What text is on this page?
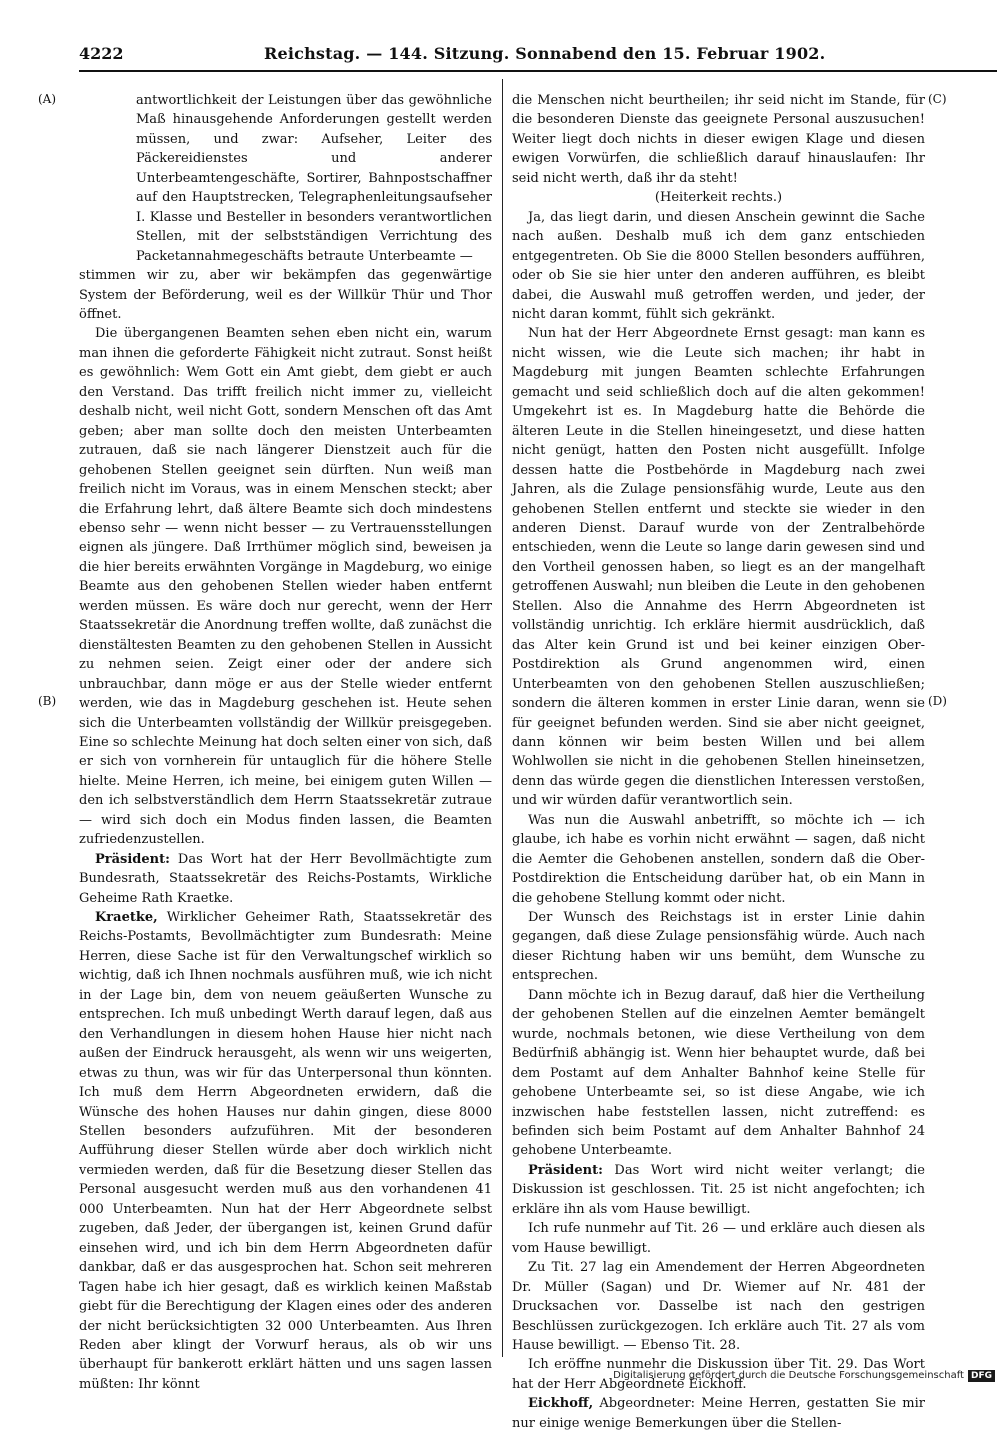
4222	Reichstag. — 144. Sitzung. Sonnabend den 15. Februar 1902.
(A)
(B)
(C)
(D)

antwortlichkeit der Leistungen über das gewöhnliche Maß hinausgehende Anforderungen gestellt werden müssen, und zwar: Aufseher, Leiter des Päckereidienstes und anderer Unterbeamtengeschäfte, Sortirer, Bahnpostschaffner auf den Hauptstrecken, Telegraphenleitungsaufseher I. Klasse und Besteller in besonders verantwortlichen Stellen, mit der selbstständigen Verrichtung des Packetannahmegeschäfts betraute Unterbeamte —

stimmen wir zu, aber wir bekämpfen das gegenwärtige System der Beförderung, weil es der Willkür Thür und Thor öffnet.

Die übergangenen Beamten sehen eben nicht ein, warum man ihnen die geforderte Fähigkeit nicht zutraut. Sonst heißt es gewöhnlich: Wem Gott ein Amt giebt, dem giebt er auch den Verstand. Das trifft freilich nicht immer zu, vielleicht deshalb nicht, weil nicht Gott, sondern Menschen oft das Amt geben; aber man sollte doch den meisten Unterbeamten zutrauen, daß sie nach längerer Dienstzeit auch für die gehobenen Stellen geeignet sein dürften. Nun weiß man freilich nicht im Voraus, was in einem Menschen steckt; aber die Erfahrung lehrt, daß ältere Beamte sich doch mindestens ebenso sehr — wenn nicht besser — zu Vertrauensstellungen eignen als jüngere. Daß Irrthümer möglich sind, beweisen ja die hier bereits erwähnten Vorgänge in Magdeburg, wo einige Beamte aus den gehobenen Stellen wieder haben entfernt werden müssen. Es wäre doch nur gerecht, wenn der Herr Staatssekretär die Anordnung treffen wollte, daß zunächst die dienstältesten Beamten zu den gehobenen Stellen in Aussicht zu nehmen seien. Zeigt einer oder der andere sich unbrauchbar, dann möge er aus der Stelle wieder entfernt werden, wie das in Magdeburg geschehen ist. Heute sehen sich die Unterbeamten vollständig der Willkür preisgegeben. Eine so schlechte Meinung hat doch selten einer von sich, daß er sich von vornherein für untauglich für die höhere Stelle hielte. Meine Herren, ich meine, bei einigem guten Willen — den ich selbstverständlich dem Herrn Staatssekretär zutraue — wird sich doch ein Modus finden lassen, die Beamten zufriedenzustellen.

Präsident: Das Wort hat der Herr Bevollmächtigte zum Bundesrath, Staatssekretär des Reichs-Postamts, Wirkliche Geheime Rath Kraetke.

Kraetke, Wirklicher Geheimer Rath, Staatssekretär des Reichs-Postamts, Bevollmächtigter zum Bundesrath: Meine Herren, diese Sache ist für den Verwaltungschef wirklich so wichtig, daß ich Ihnen nochmals ausführen muß, wie ich nicht in der Lage bin, dem von neuem geäußerten Wunsche zu entsprechen. Ich muß unbedingt Werth darauf legen, daß aus den Verhandlungen in diesem hohen Hause hier nicht nach außen der Eindruck herausgeht, als wenn wir uns weigerten, etwas zu thun, was wir für das Unterpersonal thun könnten. Ich muß dem Herrn Abgeordneten erwidern, daß die Wünsche des hohen Hauses nur dahin gingen, diese 8000 Stellen besonders aufzuführen. Mit der besonderen Aufführung dieser Stellen würde aber doch wirklich nicht vermieden werden, daß für die Besetzung dieser Stellen das Personal ausgesucht werden muß aus den vorhandenen 41 000 Unterbeamten. Nun hat der Herr Abgeordnete selbst zugeben, daß Jeder, der übergangen ist, keinen Grund dafür einsehen wird, und ich bin dem Herrn Abgeordneten dafür dankbar, daß er das ausgesprochen hat. Schon seit mehreren Tagen habe ich hier gesagt, daß es wirklich keinen Maßstab giebt für die Berechtigung der Klagen eines oder des anderen der nicht berücksichtigten 32 000 Unterbeamten. Aus Ihren Reden aber klingt der Vorwurf heraus, als ob wir uns überhaupt für bankerott erklärt hätten und uns sagen lassen müßten: Ihr könnt

die Menschen nicht beurtheilen; ihr seid nicht im Stande, für die besonderen Dienste das geeignete Personal auszusuchen! Weiter liegt doch nichts in dieser ewigen Klage und diesen ewigen Vorwürfen, die schließlich darauf hinauslaufen: Ihr seid nicht werth, daß ihr da steht!

(Heiterkeit rechts.)

Ja, das liegt darin, und diesen Anschein gewinnt die Sache nach außen. Deshalb muß ich dem ganz entschieden entgegentreten. Ob Sie die 8000 Stellen besonders aufführen, oder ob Sie sie hier unter den anderen aufführen, es bleibt dabei, die Auswahl muß getroffen werden, und jeder, der nicht daran kommt, fühlt sich gekränkt.

Nun hat der Herr Abgeordnete Ernst gesagt: man kann es nicht wissen, wie die Leute sich machen; ihr habt in Magdeburg mit jungen Beamten schlechte Erfahrungen gemacht und seid schließlich doch auf die alten gekommen! Umgekehrt ist es. In Magdeburg hatte die Behörde die älteren Leute in die Stellen hineingesetzt, und diese hatten nicht genügt, hatten den Posten nicht ausgefüllt. Infolge dessen hatte die Postbehörde in Magdeburg nach zwei Jahren, als die Zulage pensionsfähig wurde, Leute aus den gehobenen Stellen entfernt und steckte sie wieder in den anderen Dienst. Darauf wurde von der Zentralbehörde entschieden, wenn die Leute so lange darin gewesen sind und den Vortheil genossen haben, so liegt es an der mangelhaft getroffenen Auswahl; nun bleiben die Leute in den gehobenen Stellen. Also die Annahme des Herrn Abgeordneten ist vollständig unrichtig. Ich erkläre hiermit ausdrücklich, daß das Alter kein Grund ist und bei keiner einzigen Ober-Postdirektion als Grund angenommen wird, einen Unterbeamten von den gehobenen Stellen auszuschließen; sondern die älteren kommen in erster Linie daran, wenn sie für geeignet befunden werden. Sind sie aber nicht geeignet, dann können wir beim besten Willen und bei allem Wohlwollen sie nicht in die gehobenen Stellen hineinsetzen, denn das würde gegen die dienstlichen Interessen verstoßen, und wir würden dafür verantwortlich sein.

Was nun die Auswahl anbetrifft, so möchte ich — ich glaube, ich habe es vorhin nicht erwähnt — sagen, daß nicht die Aemter die Gehobenen anstellen, sondern daß die Ober-Postdirektion die Entscheidung darüber hat, ob ein Mann in die gehobene Stellung kommt oder nicht.

Der Wunsch des Reichstags ist in erster Linie dahin gegangen, daß diese Zulage pensionsfähig würde. Auch nach dieser Richtung haben wir uns bemüht, dem Wunsche zu entsprechen.

Dann möchte ich in Bezug darauf, daß hier die Vertheilung der gehobenen Stellen auf die einzelnen Aemter bemängelt wurde, nochmals betonen, wie diese Vertheilung von dem Bedürfniß abhängig ist. Wenn hier behauptet wurde, daß bei dem Postamt auf dem Anhalter Bahnhof keine Stelle für gehobene Unterbeamte sei, so ist diese Angabe, wie ich inzwischen habe feststellen lassen, nicht zutreffend: es befinden sich beim Postamt auf dem Anhalter Bahnhof 24 gehobene Unterbeamte.

Präsident: Das Wort wird nicht weiter verlangt; die Diskussion ist geschlossen. Tit. 25 ist nicht angefochten; ich erkläre ihn als vom Hause bewilligt.

Ich rufe nunmehr auf Tit. 26 — und erkläre auch diesen als vom Hause bewilligt.

Zu Tit. 27 lag ein Amendement der Herren Abgeordneten Dr. Müller (Sagan) und Dr. Wiemer auf Nr. 481 der Drucksachen vor. Dasselbe ist nach den gestrigen Beschlüssen zurückgezogen. Ich erkläre auch Tit. 27 als vom Hause bewilligt. — Ebenso Tit. 28.

Ich eröffne nunmehr die Diskussion über Tit. 29. Das Wort hat der Herr Abgeordnete Eickhoff.

Eickhoff, Abgeordneter: Meine Herren, gestatten Sie mir nur einige wenige Bemerkungen über die Stellen-

Digitalisierung gefördert durch die Deutsche Forschungsgemeinschaft DFG
